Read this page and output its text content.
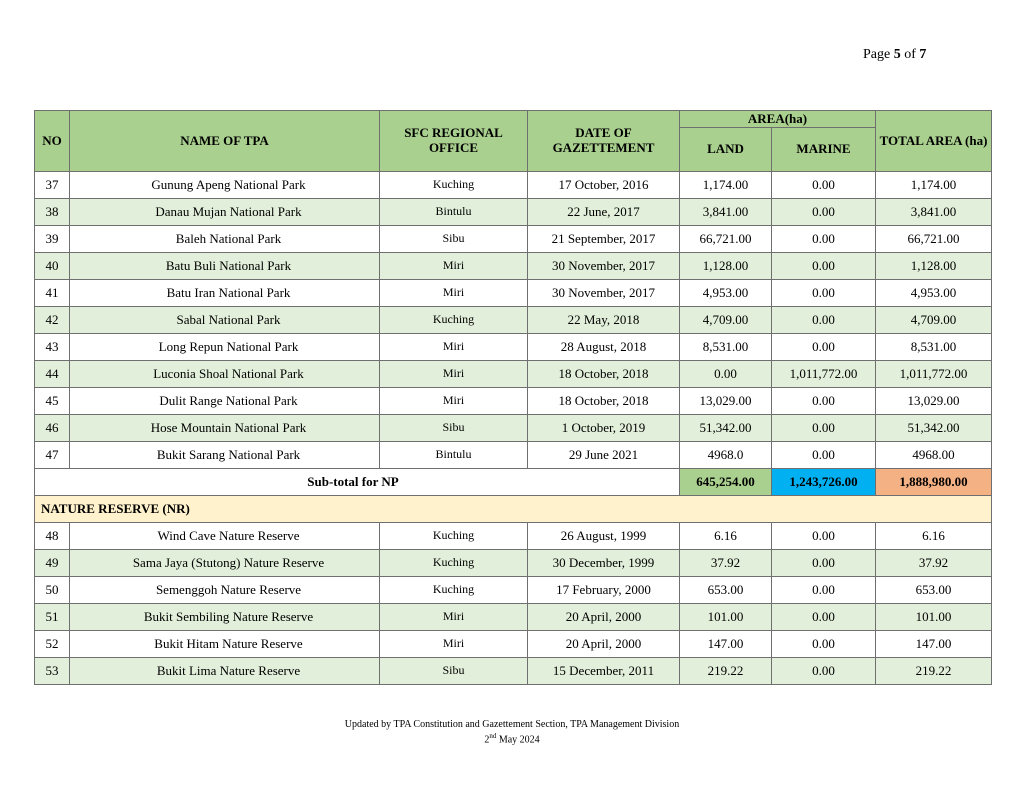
Page 5 of 7
NO	NAME OF TPA	SFC REGIONAL OFFICE	DATE OF GAZETTEMENT	AREA(ha)		TOTAL AREA (ha)
				LAND	MARINE	
37	Gunung Apeng National Park	Kuching	17 October, 2016	1,174.00	0.00	1,174.00
38	Danau Mujan National Park	Bintulu	22 June, 2017	3,841.00	0.00	3,841.00
39	Baleh National Park	Sibu	21 September, 2017	66,721.00	0.00	66,721.00
40	Batu Buli National Park	Miri	30 November, 2017	1,128.00	0.00	1,128.00
41	Batu Iran National Park	Miri	30 November, 2017	4,953.00	0.00	4,953.00
42	Sabal National Park	Kuching	22 May, 2018	4,709.00	0.00	4,709.00
43	Long Repun National Park	Miri	28 August, 2018	8,531.00	0.00	8,531.00
44	Luconia Shoal National Park	Miri	18 October, 2018	0.00	1,011,772.00	1,011,772.00
45	Dulit Range National Park	Miri	18 October, 2018	13,029.00	0.00	13,029.00
46	Hose Mountain National Park	Sibu	1 October, 2019	51,342.00	0.00	51,342.00
47	Bukit Sarang National Park	Bintulu	29 June 2021	4968.0	0.00	4968.00
Sub-total for NP				645,254.00	1,243,726.00	1,888,980.00
NATURE RESERVE (NR)						
48	Wind Cave Nature Reserve	Kuching	26 August, 1999	6.16	0.00	6.16
49	Sama Jaya (Stutong) Nature Reserve	Kuching	30 December, 1999	37.92	0.00	37.92
50	Semenggoh Nature Reserve	Kuching	17 February, 2000	653.00	0.00	653.00
51	Bukit Sembiling Nature Reserve	Miri	20 April, 2000	101.00	0.00	101.00
52	Bukit Hitam Nature Reserve	Miri	20 April, 2000	147.00	0.00	147.00
53	Bukit Lima Nature Reserve	Sibu	15 December, 2011	219.22	0.00	219.22
Updated by TPA Constitution and Gazettement Section, TPA Management Division
2nd May 2024
